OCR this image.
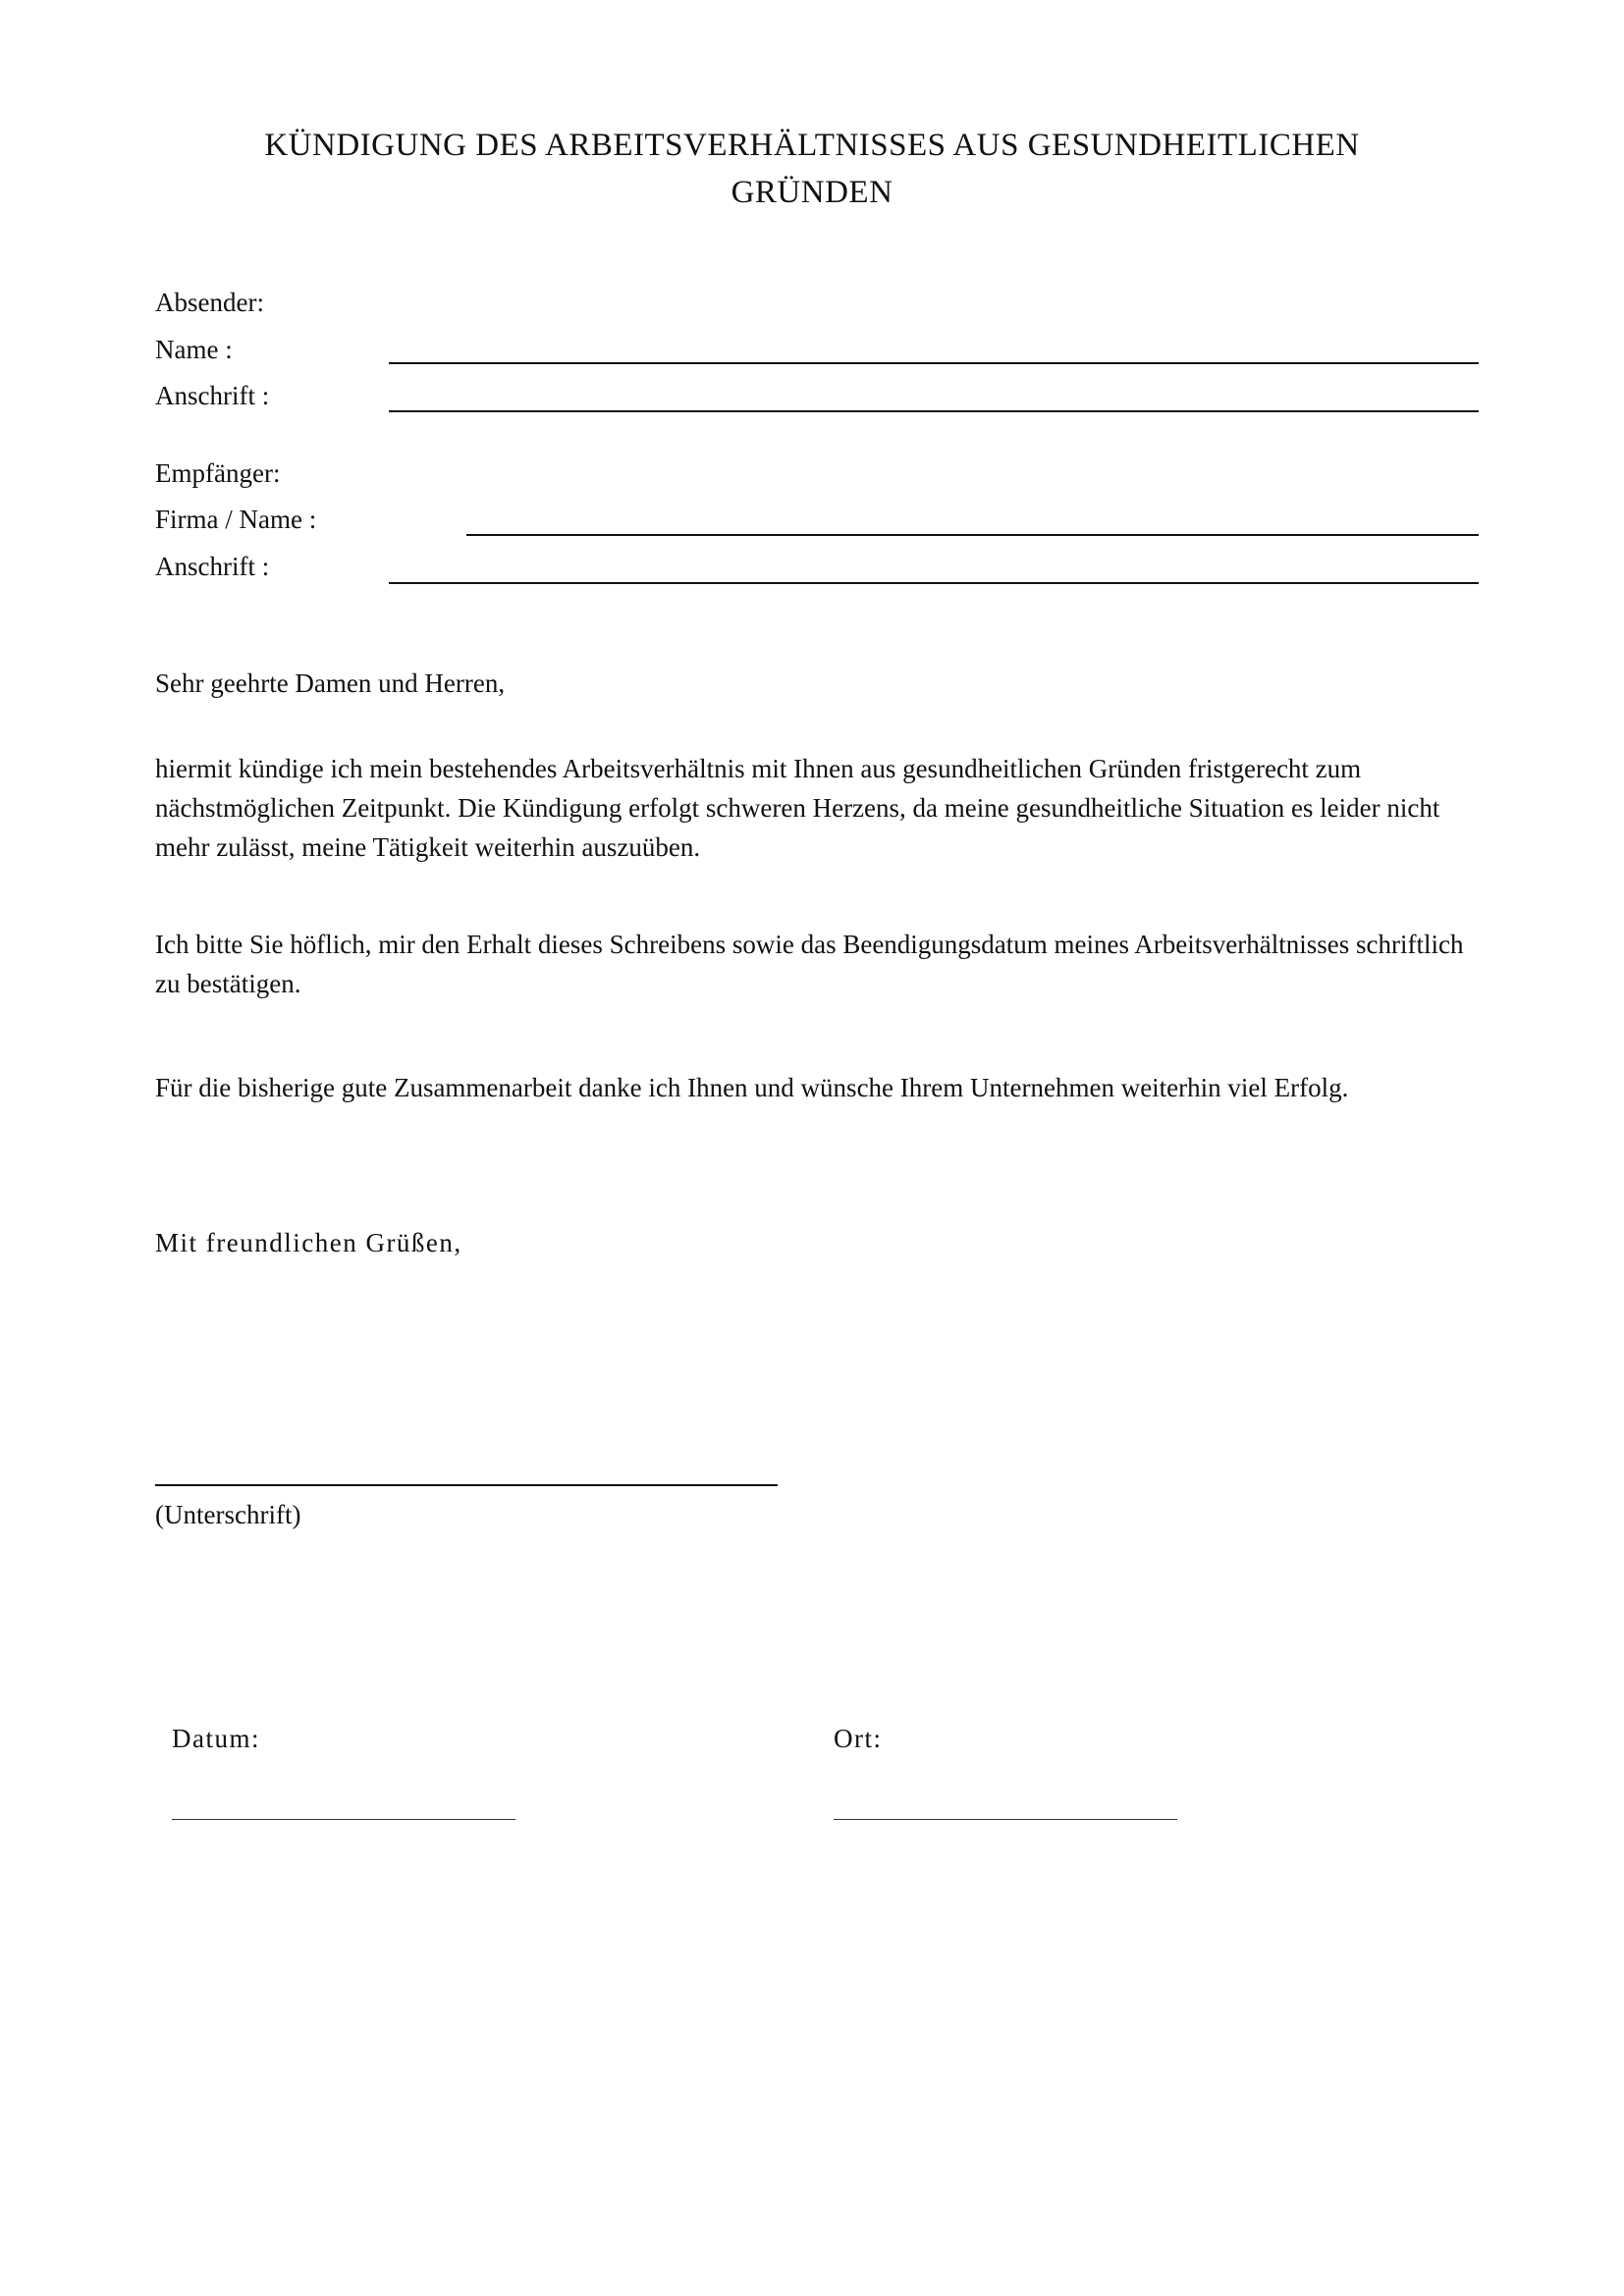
KÜNDIGUNG DES ARBEITSVERHÄLTNISSES AUS GESUNDHEITLICHEN GRÜNDEN
Absender:
Name :
Anschrift :
Empfänger:
Firma / Name :
Anschrift :
Sehr geehrte Damen und Herren,

hiermit kündige ich mein bestehendes Arbeitsverhältnis mit Ihnen aus gesundheitlichen Gründen fristgerecht zum nächstmöglichen Zeitpunkt. Die Kündigung erfolgt schweren Herzens, da meine gesundheitliche Situation es leider nicht mehr zulässt, meine Tätigkeit weiterhin auszuüben.

Ich bitte Sie höflich, mir den Erhalt dieses Schreibens sowie das Beendigungsdatum meines Arbeitsverhältnisses schriftlich zu bestätigen.

Für die bisherige gute Zusammenarbeit danke ich Ihnen und wünsche Ihrem Unternehmen weiterhin viel Erfolg.

Mit freundlichen Grüßen,
(Unterschrift)
Datum:	Ort:
